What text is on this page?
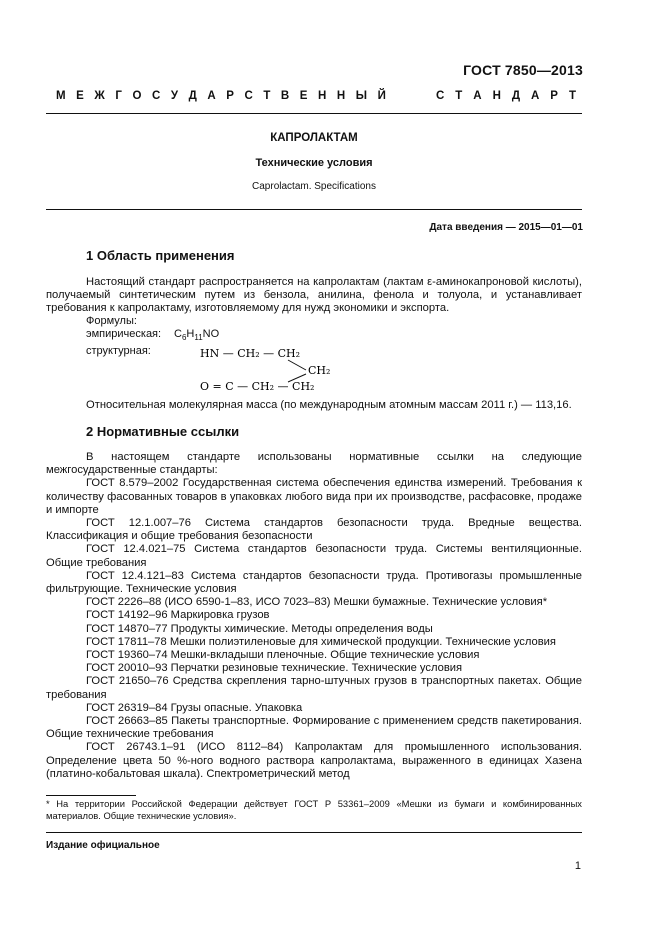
ГОСТ 7850—2013
М Е Ж Г О С У Д А Р С Т В Е Н Н Ы Й	С Т А Н Д А Р Т
КАПРОЛАКТАМ
Технические условия
Caprolactam. Specifications
Дата введения — 2015—01—01
1 Область применения

Настоящий стандарт распространяется на капролактам (лактам ε-аминокапроновой кислоты), получаемый синтетическим путем из бензола, анилина, фенола и толуола, и устанавливает требования к капролактаму, изготовляемому для нужд экономики и экспорта.

Формулы:
эмпирическая:	$C_6H_{11}NO$
структурная:	HN — CH₂ — CH₂
CH₂
O = C — CH₂ — CH₂
Относительная молекулярная масса (по международным атомным массам 2011 г.) — 113,16.
2 Нормативные ссылки

В настоящем стандарте использованы нормативные ссылки на следующие межгосударственные стандарты:

ГОСТ 8.579–2002 Государственная система обеспечения единства измерений. Требования к количеству фасованных товаров в упаковках любого вида при их производстве, расфасовке, продаже и импорте

ГОСТ 12.1.007–76 Система стандартов безопасности труда. Вредные вещества. Классификация и общие требования безопасности

ГОСТ 12.4.021–75 Система стандартов безопасности труда. Системы вентиляционные. Общие требования

ГОСТ 12.4.121–83 Система стандартов безопасности труда. Противогазы промышленные фильтрующие. Технические условия

ГОСТ 2226–88 (ИСО 6590-1–83, ИСО 7023–83) Мешки бумажные. Технические условия*

ГОСТ 14192–96 Маркировка грузов

ГОСТ 14870–77 Продукты химические. Методы определения воды

ГОСТ 17811–78 Мешки полиэтиленовые для химической продукции. Технические условия

ГОСТ 19360–74 Мешки-вкладыши пленочные. Общие технические условия

ГОСТ 20010–93 Перчатки резиновые технические. Технические условия

ГОСТ 21650–76 Средства скрепления тарно-штучных грузов в транспортных пакетах. Общие требования

ГОСТ 26319–84 Грузы опасные. Упаковка

ГОСТ 26663–85 Пакеты транспортные. Формирование с применением средств пакетирования. Общие технические требования

ГОСТ 26743.1–91 (ИСО 8112–84) Капролактам для промышленного использования. Определение цвета 50 %-ного водного раствора капролактама, выраженного в единицах Хазена (платино-кобальтовая шкала). Спектрометрический метод

* На территории Российской Федерации действует ГОСТ Р 53361–2009 «Мешки из бумаги и комбинированных материалов. Общие технические условия».
Издание официальное
1
